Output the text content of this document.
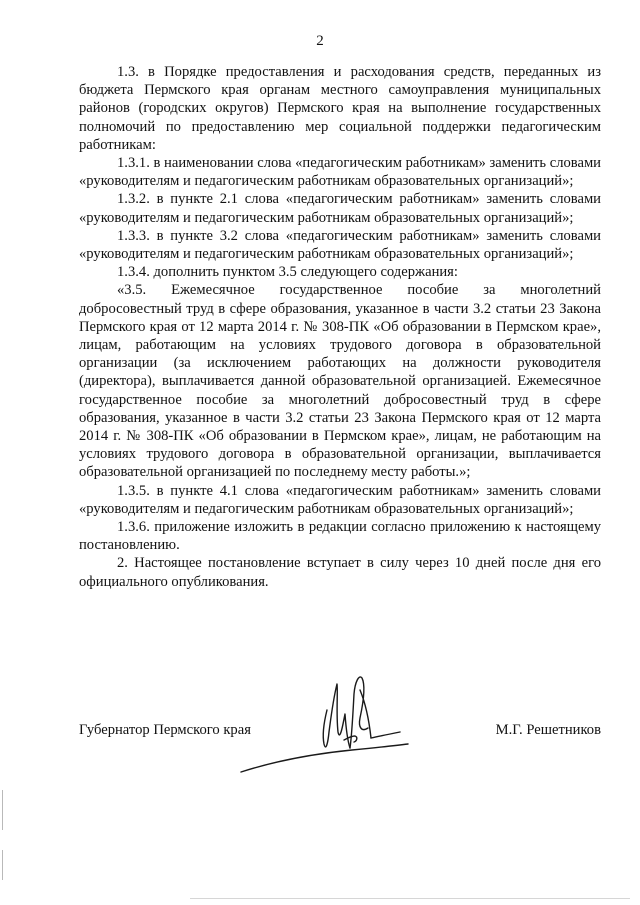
2

1.3. в Порядке предоставления и расходования средств, переданных из бюджета Пермского края органам местного самоуправления муниципальных районов (городских округов) Пермского края на выполнение государственных полномочий по предоставлению мер социальной поддержки педагогическим работникам:

1.3.1. в наименовании слова «педагогическим работникам» заменить словами «руководителям и педагогическим работникам образовательных организаций»;

1.3.2. в пункте 2.1 слова «педагогическим работникам» заменить словами «руководителям и педагогическим работникам образовательных организаций»;

1.3.3. в пункте 3.2 слова «педагогическим работникам» заменить словами «руководителям и педагогическим работникам образовательных организаций»;

1.3.4. дополнить пунктом 3.5 следующего содержания:

«3.5. Ежемесячное государственное пособие за многолетний добросовестный труд в сфере образования, указанное в части 3.2 статьи 23 Закона Пермского края от 12 марта 2014 г. № 308-ПК «Об образовании в Пермском крае», лицам, работающим на условиях трудового договора в образовательной организации (за исключением работающих на должности руководителя (директора), выплачивается данной образовательной организацией. Ежемесячное государственное пособие за многолетний добросовестный труд в сфере образования, указанное в части 3.2 статьи 23 Закона Пермского края от 12 марта 2014 г. № 308-ПК «Об образовании в Пермском крае», лицам, не работающим на условиях трудового договора в образовательной организации, выплачивается образовательной организацией по последнему месту работы.»;

1.3.5. в пункте 4.1 слова «педагогическим работникам» заменить словами «руководителям и педагогическим работникам образовательных организаций»;

1.3.6. приложение изложить в редакции согласно приложению к настоящему постановлению.

2. Настоящее постановление вступает в силу через 10 дней после дня его официального опубликования.

Губернатор Пермского края	М.Г. Решетников
